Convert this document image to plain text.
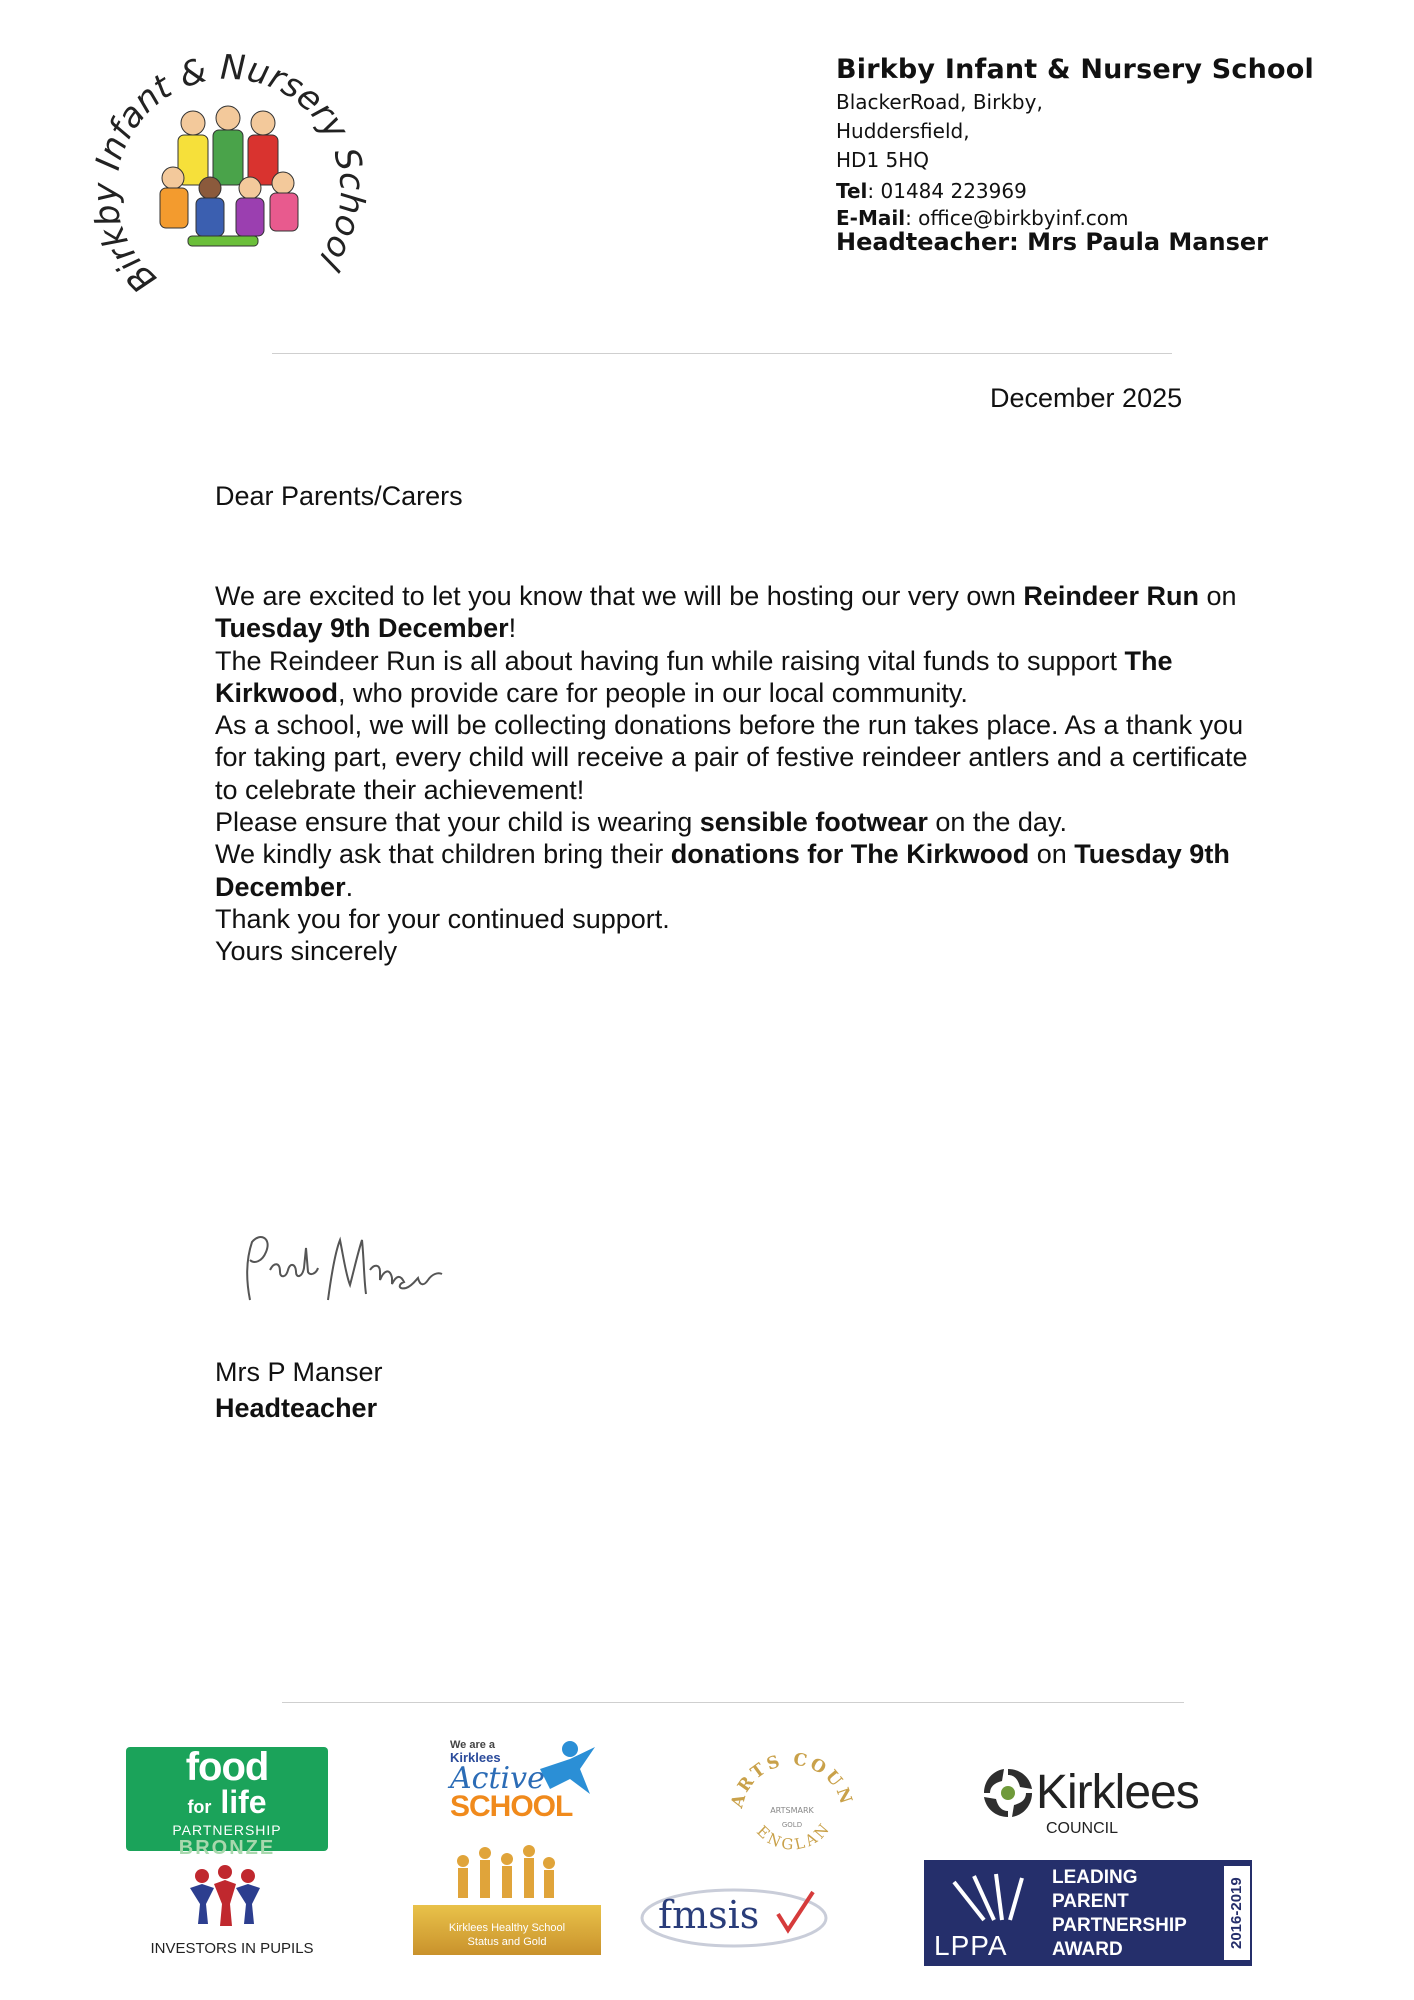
Birkby Infant & Nursery School
Birkby Infant & Nursery School
BlackerRoad, Birkby,
Huddersfield,
HD1 5HQ
Tel: 01484 223969
E-Mail: office@birkbyinf.com
Headteacher: Mrs Paula Manser
December 2025
Dear Parents/Carers
We are excited to let you know that we will be hosting our very own Reindeer Run on Tuesday 9th December!
The Reindeer Run is all about having fun while raising vital funds to support The Kirkwood, who provide care for people in our local community.
As a school, we will be collecting donations before the run takes place. As a thank you for taking part, every child will receive a pair of festive reindeer antlers and a certificate to celebrate their achievement!
Please ensure that your child is wearing sensible footwear on the day.
We kindly ask that children bring their donations for The Kirkwood on Tuesday 9th December.
Thank you for your continued support.
Yours sincerely
Mrs P Manser
Headteacher
food
for life
PARTNERSHIP
BRONZE
INVESTORS IN PUPILS
We are a
Kirklees
Active
SCHOOL
Kirklees Healthy School
Status and Gold
ARTS COUN
ENGLAN
ARTSMARK
GOLD
fmsis
Kirklees
COUNCIL
LPPA
LEADING
PARENT
PARTNERSHIP
AWARD
2016-2019
